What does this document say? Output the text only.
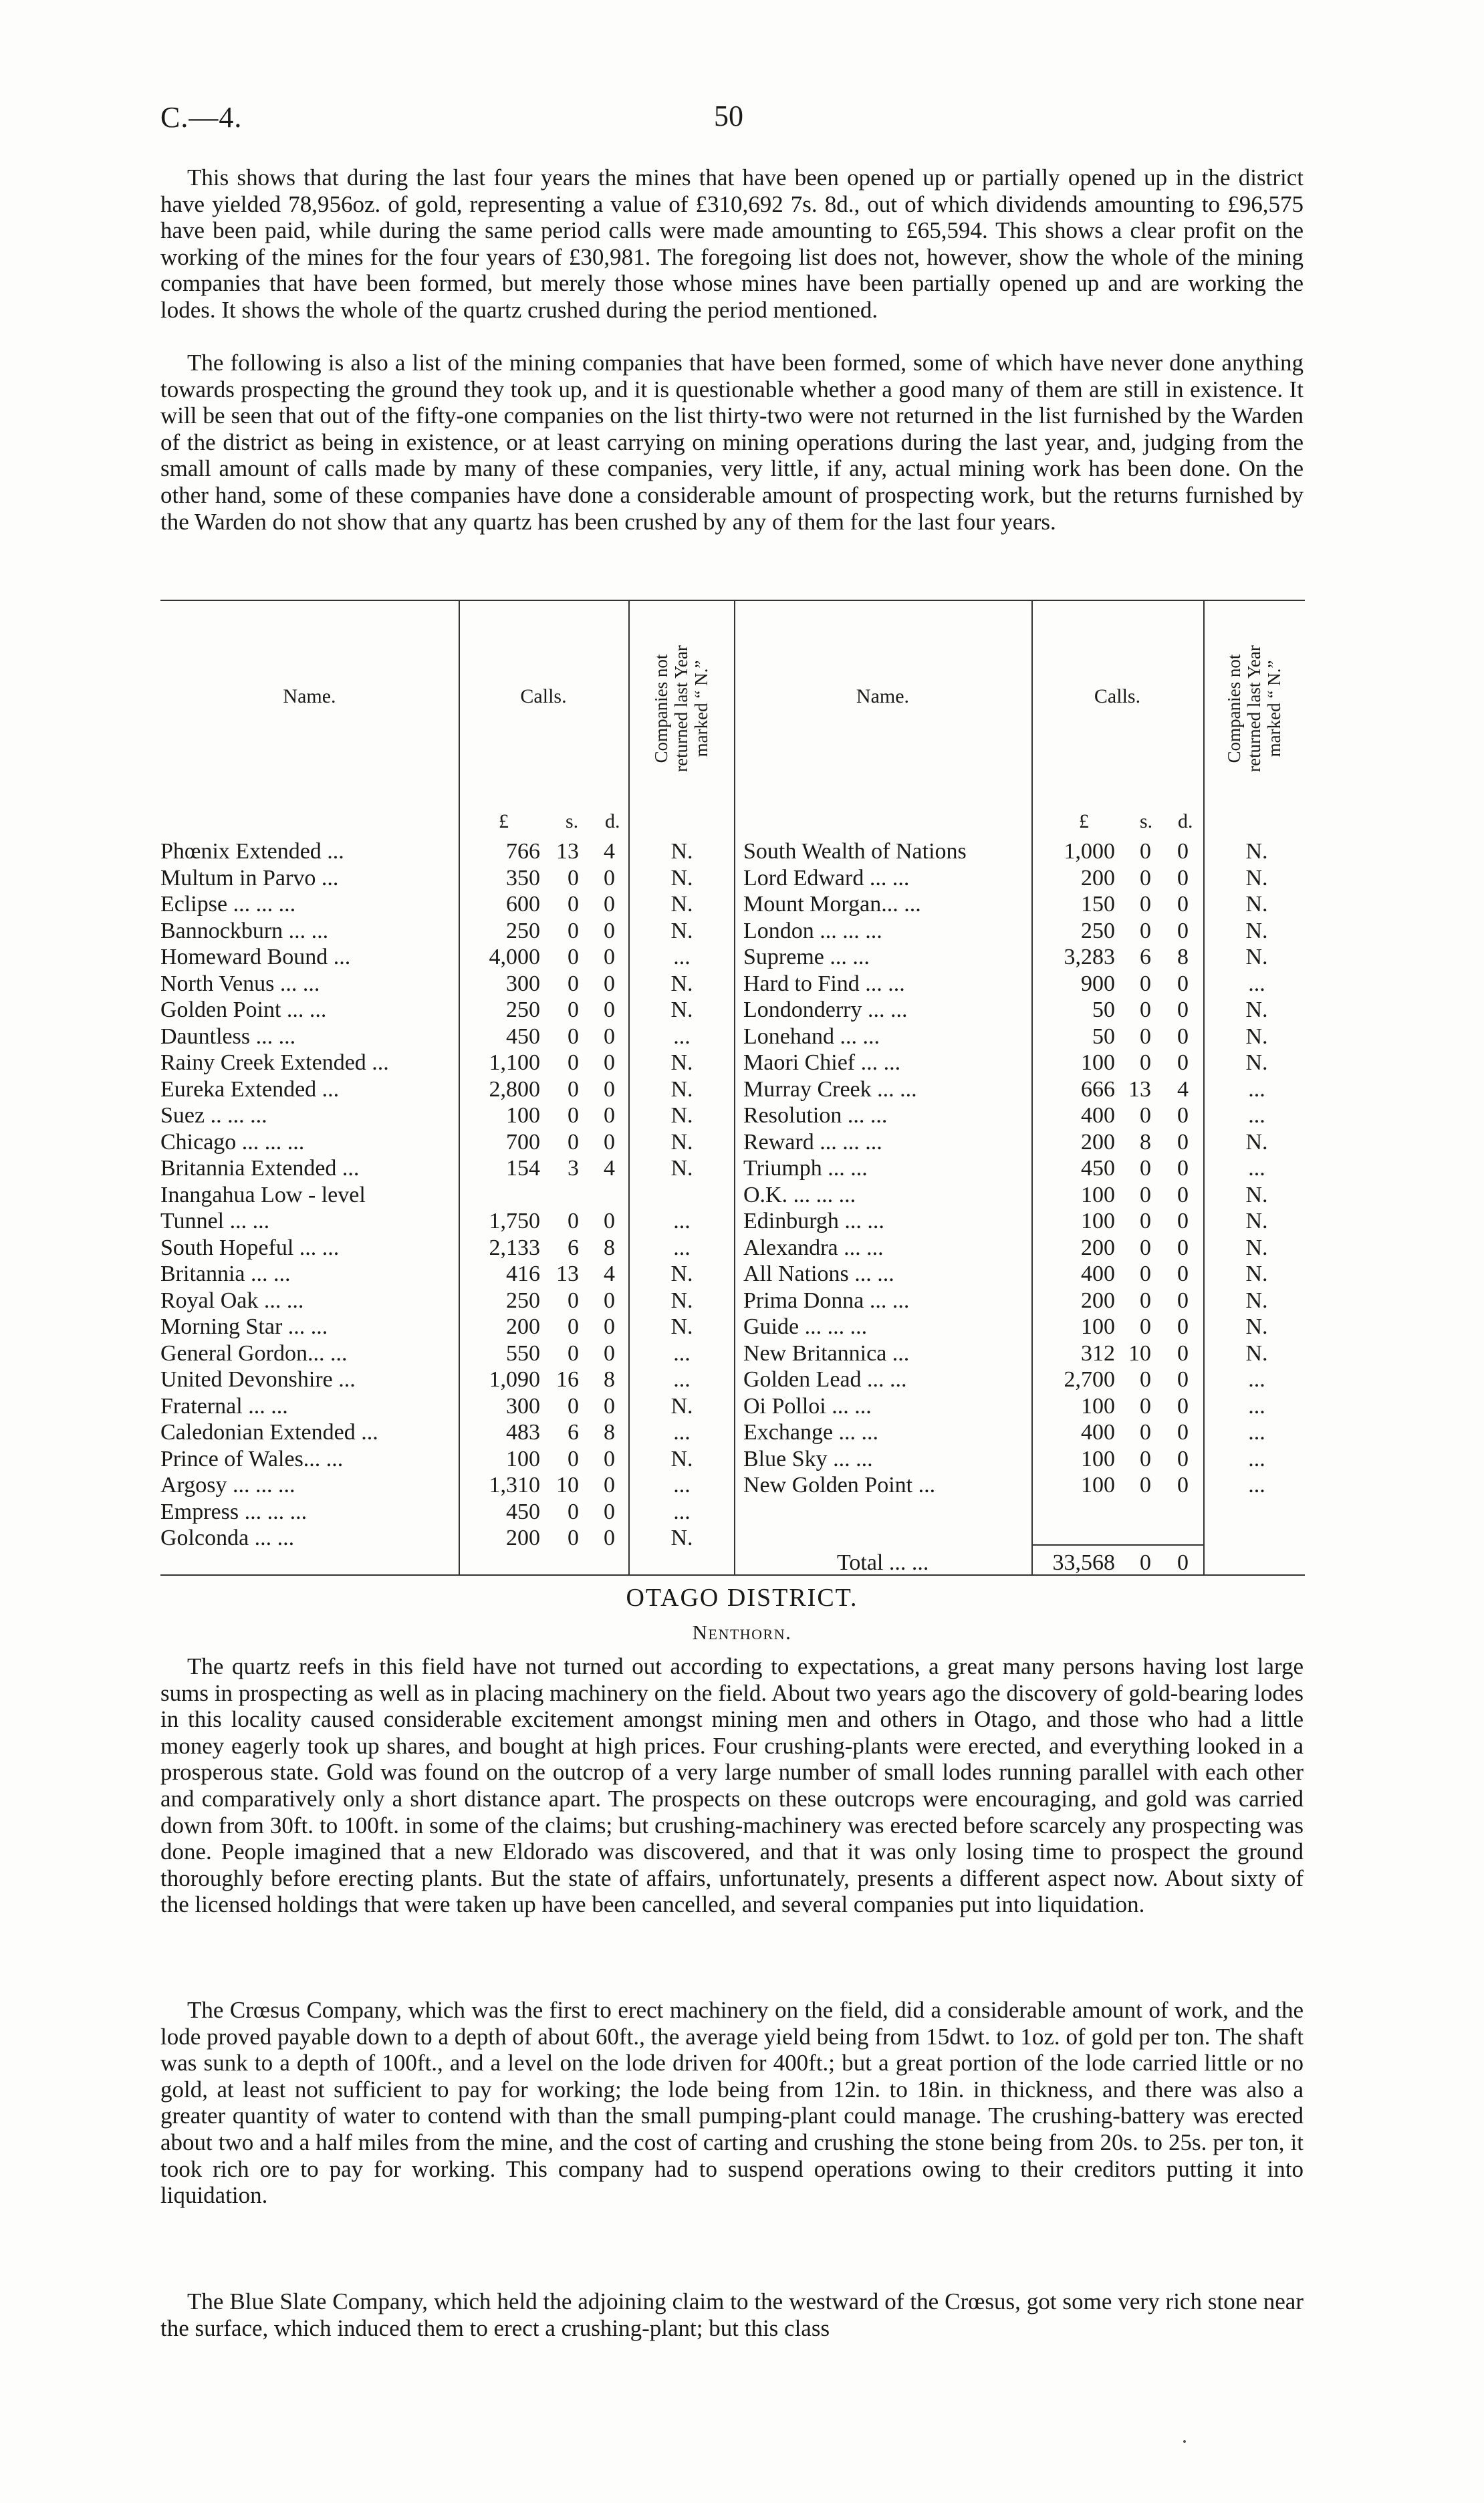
C.—4.	50

This shows that during the last four years the mines that have been opened up or partially opened up in the district have yielded 78,956oz. of gold, representing a value of £310,692 7s. 8d., out of which dividends amounting to £96,575 have been paid, while during the same period calls were made amounting to £65,594. This shows a clear profit on the working of the mines for the four years of £30,981. The foregoing list does not, however, show the whole of the mining companies that have been formed, but merely those whose mines have been partially opened up and are working the lodes. It shows the whole of the quartz crushed during the period mentioned.

The following is also a list of the mining companies that have been formed, some of which have never done anything towards prospecting the ground they took up, and it is questionable whether a good many of them are still in existence. It will be seen that out of the fifty-one companies on the list thirty-two were not returned in the list furnished by the Warden of the district as being in existence, or at least carrying on mining operations during the last year, and, judging from the small amount of calls made by many of these companies, very little, if any, actual mining work has been done. On the other hand, some of these companies have done a considerable amount of prospecting work, but the returns furnished by the Warden do not show that any quartz has been crushed by any of them for the last four years.

Name.	Calls.	Companies not returned last Year marked “ N.”	Name.	Calls.	Companies not returned last Year marked “ N.”
£	s. d.	£	s. d.
Phœnix Extended ...	766 13	4	N.
Multum in Parvo ...	350	0	0	N.
Eclipse ... ... ...	600	0	0	N.
Bannockburn ... ...	250	0	0	N.
Homeward Bound ...	4,000	0	0	...
North Venus ... ...	300	0	0	N.
Golden Point ... ...	250	0	0	N.
Dauntless ... ...	450	0	0	...
Rainy Creek Extended ...	1,100	0	0	N.
Eureka Extended ...	2,800	0	0	N.
Suez .. ... ...	100	0	0	N.
Chicago ... ... ...	700	0	0	N.
Britannia Extended ...	154	3	4	N.
Inangahua Low - level
Tunnel ... ...	1,750	0	0	...
South Hopeful ... ...	2,133	6	8	...
Britannia ... ...	416 13	4	N.
Royal Oak ... ...	250	0	0	N.
Morning Star ... ...	200	0	0	N.
General Gordon... ...	550	0	0	...
United Devonshire ...	1,090 16	8	...
Fraternal ... ...	300	0	0	N.
Caledonian Extended ...	483	6	8	...
Prince of Wales... ...	100	0	0	N.
Argosy ... ... ...	1,310 10	0	...
Empress ... ... ...	450	0	0	...
Golconda ... ...	200	0	0	N.
South Wealth of Nations	1,000	0	0	N.
Lord Edward ... ...	200	0	0	N.
Mount Morgan... ...	150	0	0	N.
London ... ... ...	250	0	0	N.
Supreme ... ...	3,283	6	8	N.
Hard to Find ... ...	900	0	0	...
Londonderry ... ...	50	0	0	N.
Lonehand ... ...	50	0	0	N.
Maori Chief ... ...	100	0	0	N.
Murray Creek ... ...	666 13	4	...
Resolution ... ...	400	0	0	...
Reward ... ... ...	200	8	0	N.
Triumph ... ...	450	0	0	...
O.K. ... ... ...	100	0	0	N.
Edinburgh ... ...	100	0	0	N.
Alexandra ... ...	200	0	0	N.
All Nations ... ...	400	0	0	N.
Prima Donna ... ...	200	0	0	N.
Guide ... ... ...	100	0	0	N.
New Britannica ...	312 10	0	N.
Golden Lead ... ...	2,700	0	0	...
Oi Polloi ... ...	100	0	0	...
Exchange ... ...	400	0	0	...
Blue Sky ... ...	100	0	0	...
New Golden Point ...	100	0	0	...
Total ... ...	33,568	0	0
OTAGO DISTRICT.
Nenthorn.

The quartz reefs in this field have not turned out according to expectations, a great many persons having lost large sums in prospecting as well as in placing machinery on the field. About two years ago the discovery of gold-bearing lodes in this locality caused considerable excitement amongst mining men and others in Otago, and those who had a little money eagerly took up shares, and bought at high prices. Four crushing-plants were erected, and everything looked in a prosperous state. Gold was found on the outcrop of a very large number of small lodes running parallel with each other and comparatively only a short distance apart. The prospects on these outcrops were encouraging, and gold was carried down from 30ft. to 100ft. in some of the claims; but crushing-machinery was erected before scarcely any prospecting was done. People imagined that a new Eldorado was discovered, and that it was only losing time to prospect the ground thoroughly before erecting plants. But the state of affairs, unfortunately, presents a different aspect now. About sixty of the licensed holdings that were taken up have been cancelled, and several companies put into liquidation.

The Crœsus Company, which was the first to erect machinery on the field, did a considerable amount of work, and the lode proved payable down to a depth of about 60ft., the average yield being from 15dwt. to 1oz. of gold per ton. The shaft was sunk to a depth of 100ft., and a level on the lode driven for 400ft.; but a great portion of the lode carried little or no gold, at least not sufficient to pay for working; the lode being from 12in. to 18in. in thickness, and there was also a greater quantity of water to contend with than the small pumping-plant could manage. The crushing-battery was erected about two and a half miles from the mine, and the cost of carting and crushing the stone being from 20s. to 25s. per ton, it took rich ore to pay for working. This company had to suspend operations owing to their creditors putting it into liquidation.

The Blue Slate Company, which held the adjoining claim to the westward of the Crœsus, got some very rich stone near the surface, which induced them to erect a crushing-plant; but this class
